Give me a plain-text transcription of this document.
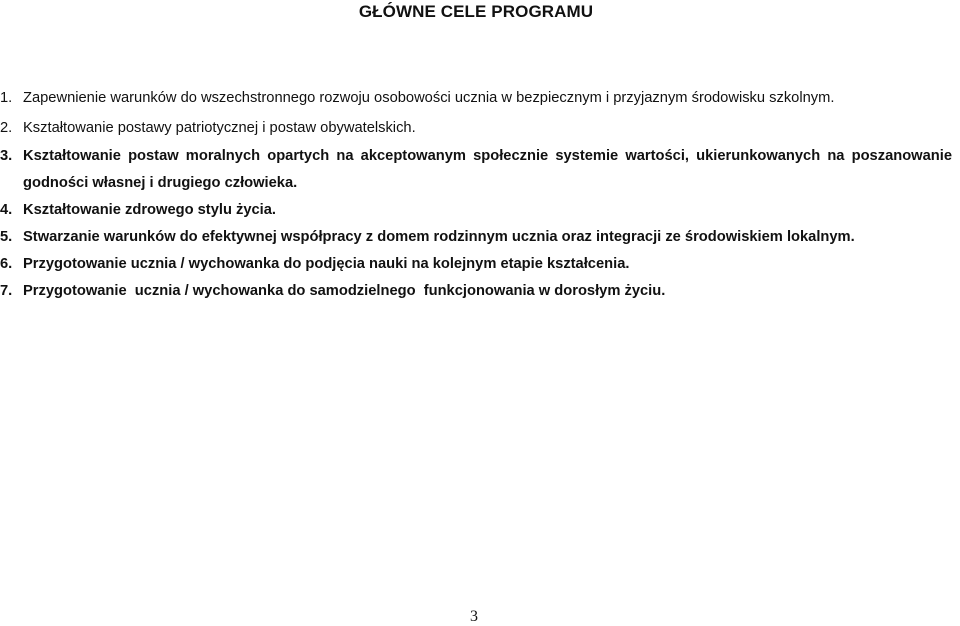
GŁÓWNE CELE PROGRAMU
1. Zapewnienie warunków do wszechstronnego rozwoju osobowości ucznia w bezpiecznym i przyjaznym środowisku szkolnym.
2. Kształtowanie postawy patriotycznej i postaw obywatelskich.
3. Kształtowanie postaw moralnych opartych na akceptowanym społecznie systemie wartości, ukierunkowanych na poszanowanie godności własnej i drugiego człowieka.
4. Kształtowanie zdrowego stylu życia.
5. Stwarzanie warunków do efektywnej współpracy z domem rodzinnym ucznia oraz integracji ze środowiskiem lokalnym.
6. Przygotowanie ucznia / wychowanka do podjęcia nauki na kolejnym etapie kształcenia.
7. Przygotowanie  ucznia / wychowanka do samodzielnego  funkcjonowania w dorosłym życiu.
3
